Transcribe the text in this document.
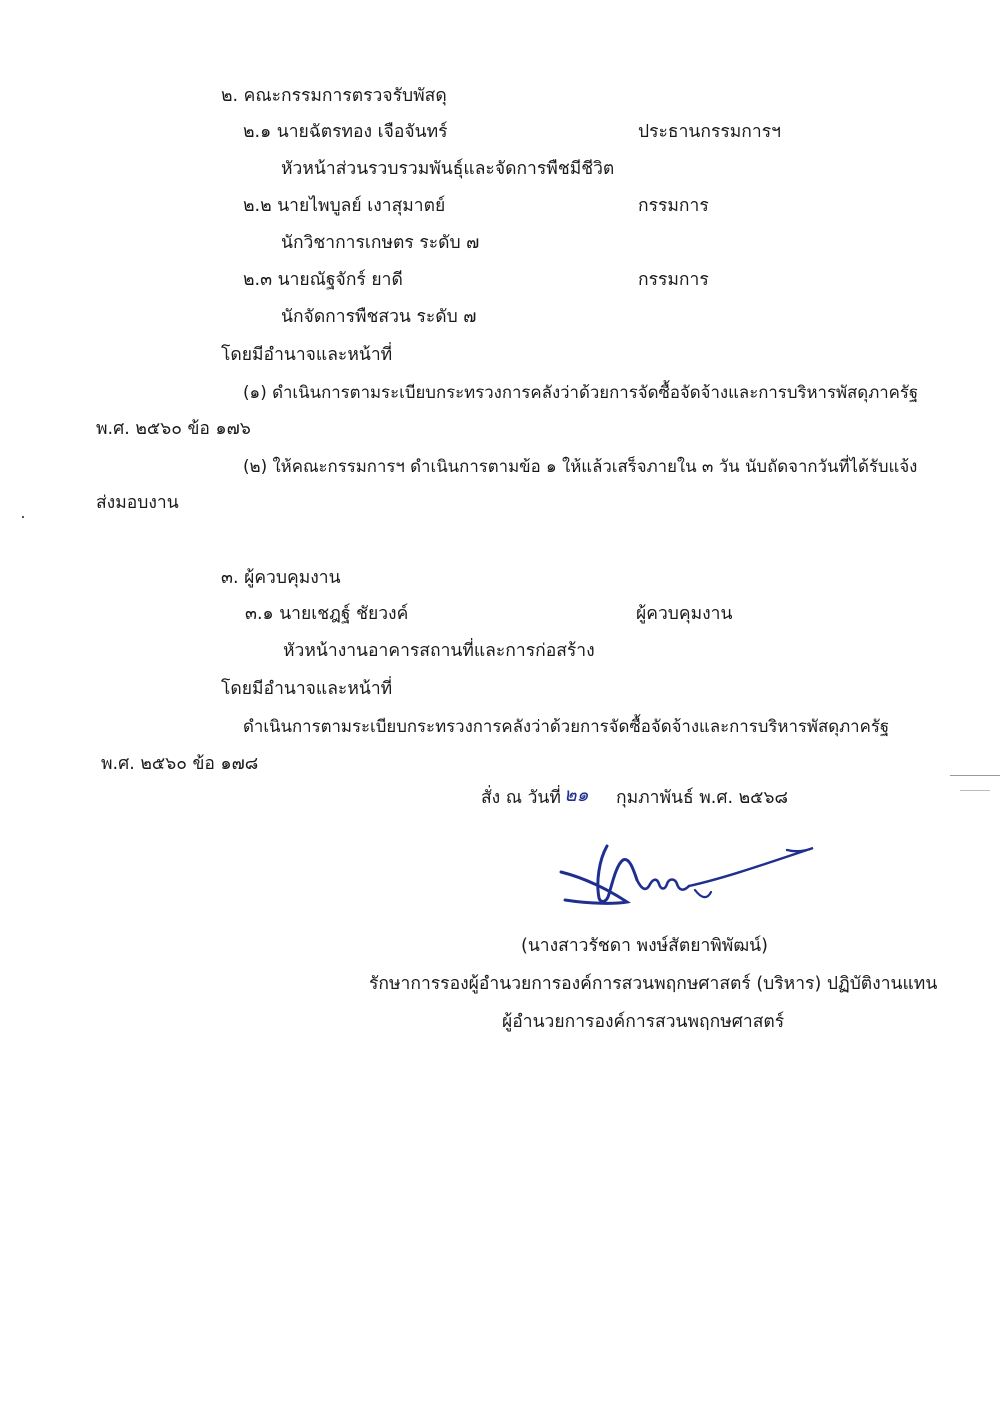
๒. คณะกรรมการตรวจรับพัสดุ
๒.๑ นายฉัตรทอง เจือจันทร์	ประธานกรรมการฯ
หัวหน้าส่วนรวบรวมพันธุ์และจัดการพืชมีชีวิต
๒.๒ นายไพบูลย์ เงาสุมาตย์	กรรมการ
นักวิชาการเกษตร ระดับ ๗
๒.๓ นายณัฐจักร์ ยาดี	กรรมการ
นักจัดการพืชสวน ระดับ ๗
โดยมีอำนาจและหน้าที่
(๑) ดำเนินการตามระเบียบกระทรวงการคลังว่าด้วยการจัดซื้อจัดจ้างและการบริหารพัสดุภาครัฐ
พ.ศ. ๒๕๖๐ ข้อ ๑๗๖
(๒) ให้คณะกรรมการฯ ดำเนินการตามข้อ ๑ ให้แล้วเสร็จภายใน ๓ วัน นับถัดจากวันที่ได้รับแจ้ง
ส่งมอบงาน
๓. ผู้ควบคุมงาน
๓.๑ นายเชฎฐ์ ชัยวงค์	ผู้ควบคุมงาน
หัวหน้างานอาคารสถานที่และการก่อสร้าง
โดยมีอำนาจและหน้าที่
ดำเนินการตามระเบียบกระทรวงการคลังว่าด้วยการจัดซื้อจัดจ้างและการบริหารพัสดุภาครัฐ
พ.ศ. ๒๕๖๐ ข้อ ๑๗๘
สั่ง ณ วันที่ ๒๑ กุมภาพันธ์ พ.ศ. ๒๕๖๘
(นางสาวรัชดา พงษ์สัตยาพิพัฒน์)
รักษาการรองผู้อำนวยการองค์การสวนพฤกษศาสตร์ (บริหาร) ปฏิบัติงานแทน
ผู้อำนวยการองค์การสวนพฤกษศาสตร์
